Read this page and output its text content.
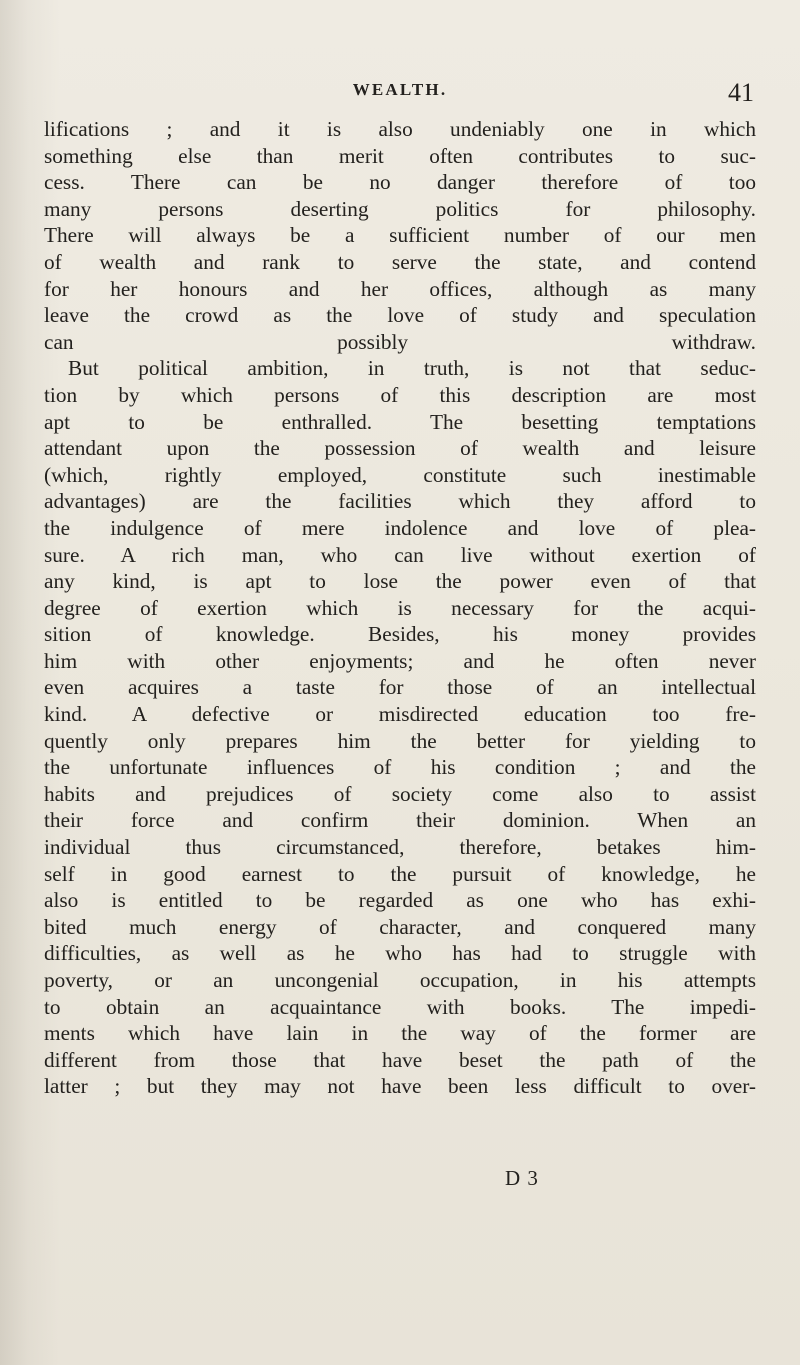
WEALTH.	41
lifications ; and it is also undeniably one in which
something else than merit often contributes to suc-
cess. There can be no danger therefore of too
many persons deserting politics for philosophy.
There will always be a sufficient number of our men
of wealth and rank to serve the state, and contend
for her honours and her offices, although as many
leave the crowd as the love of study and speculation
can possibly withdraw.
But political ambition, in truth, is not that seduc-
tion by which persons of this description are most
apt to be enthralled. The besetting temptations
attendant upon the possession of wealth and leisure
(which, rightly employed, constitute such inestimable
advantages) are the facilities which they afford to
the indulgence of mere indolence and love of plea-
sure. A rich man, who can live without exertion of
any kind, is apt to lose the power even of that
degree of exertion which is necessary for the acqui-
sition of knowledge. Besides, his money provides
him with other enjoyments; and he often never
even acquires a taste for those of an intellectual
kind. A defective or misdirected education too fre-
quently only prepares him the better for yielding to
the unfortunate influences of his condition ; and the
habits and prejudices of society come also to assist
their force and confirm their dominion. When an
individual thus circumstanced, therefore, betakes him-
self in good earnest to the pursuit of knowledge, he
also is entitled to be regarded as one who has exhi-
bited much energy of character, and conquered many
difficulties, as well as he who has had to struggle with
poverty, or an uncongenial occupation, in his attempts
to obtain an acquaintance with books. The impedi-
ments which have lain in the way of the former are
different from those that have beset the path of the
latter ; but they may not have been less difficult to over-
D 3
